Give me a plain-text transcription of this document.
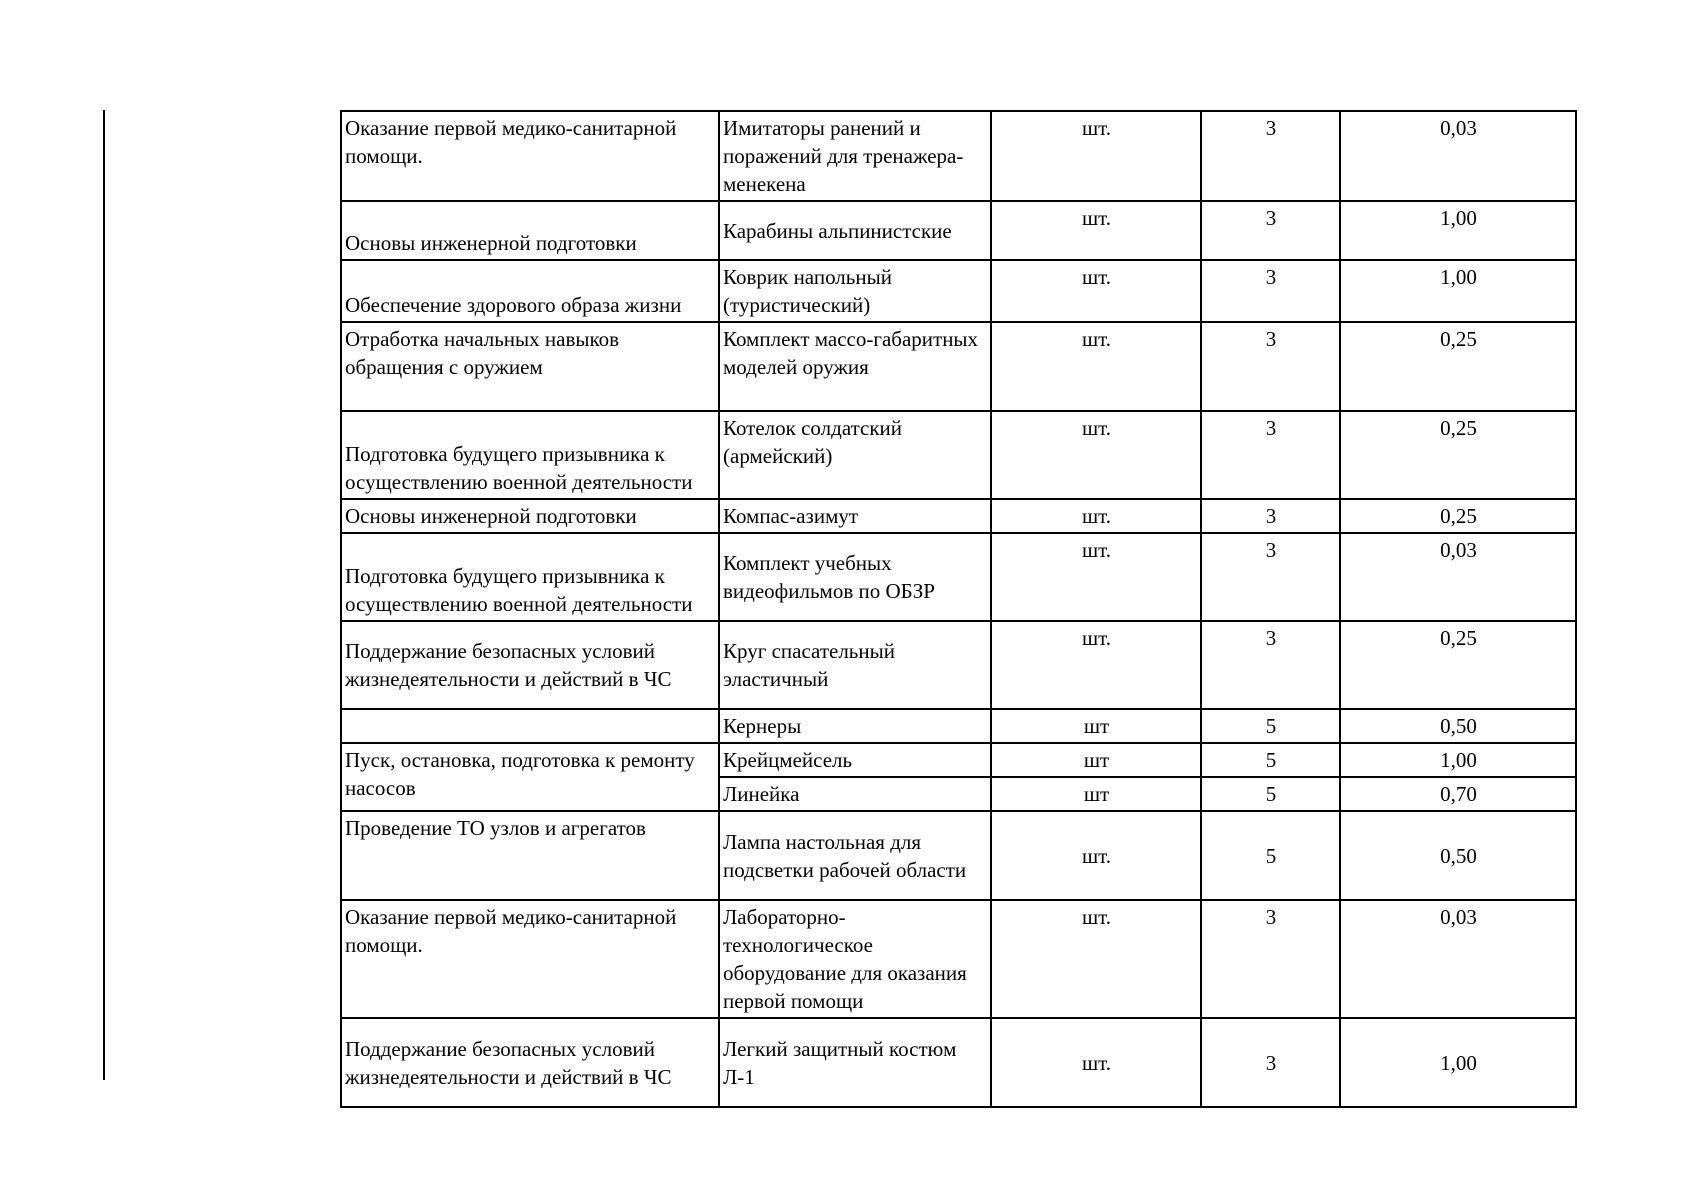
Оказание первой медико-санитарной помощи.	Имитаторы ранений и поражений для тренажера-менекена	шт.	3	0,03
Основы инженерной подготовки	Карабины альпинистские	шт.	3	1,00
Обеспечение здорового образа жизни	Коврик напольный (туристический)	шт.	3	1,00
Отработка начальных навыков обращения с оружием	Комплект массо-габаритных моделей оружия	шт.	3	0,25
Подготовка будущего призывника к осуществлению военной деятельности	Котелок солдатский (армейский)	шт.	3	0,25
Основы инженерной подготовки	Компас-азимут	шт.	3	0,25
Подготовка будущего призывника к осуществлению военной деятельности	Комплект учебных видеофильмов по ОБЗР	шт.	3	0,03
Поддержание безопасных условий жизнедеятельности и действий в ЧС	Круг спасательный эластичный	шт.	3	0,25
	Кернеры	шт	5	0,50
Пуск, остановка, подготовка к ремонту насосов	Крейцмейсель	шт	5	1,00
	Линейка	шт	5	0,70
Проведение ТО узлов и агрегатов	Лампа настольная для подсветки рабочей области	шт.	5	0,50
Оказание первой медико-санитарной помощи.	Лабораторно-технологическое оборудование для оказания первой помощи	шт.	3	0,03
Поддержание безопасных условий жизнедеятельности и действий в ЧС	Легкий защитный костюм Л-1	шт.	3	1,00
